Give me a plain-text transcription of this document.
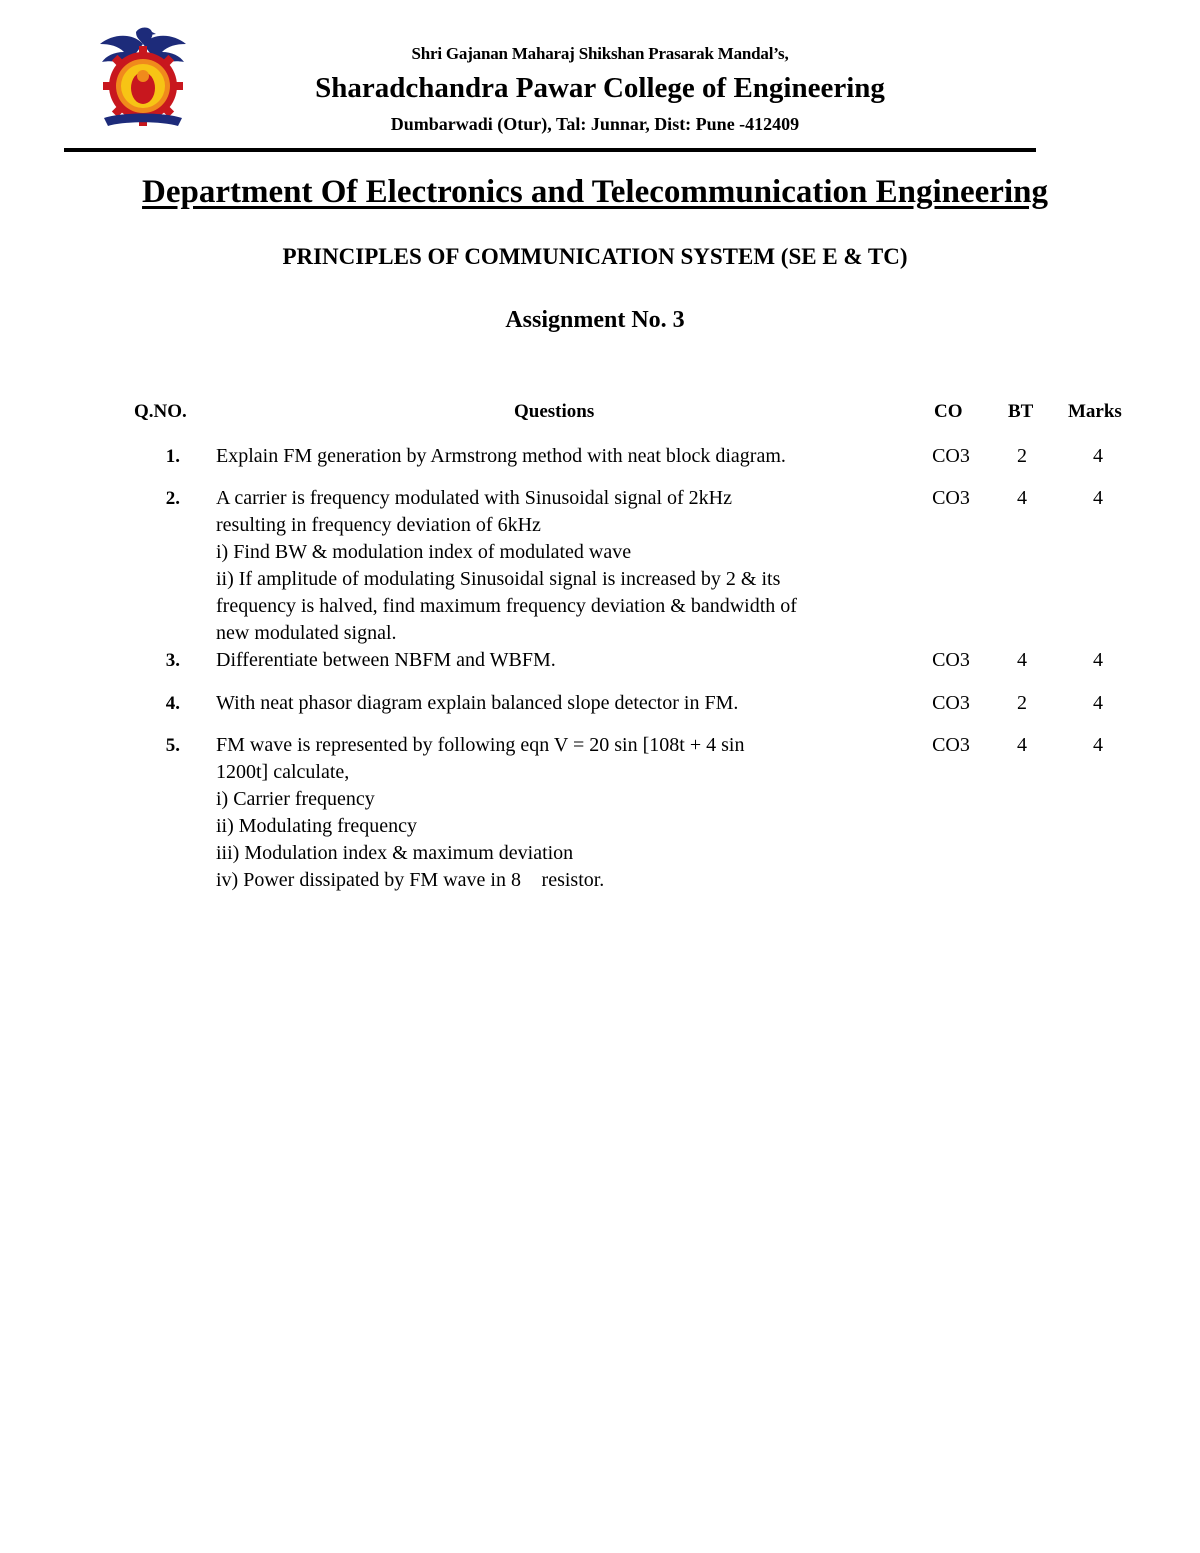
Shri Gajanan Maharaj Shikshan Prasarak Mandal’s,
Sharadchandra Pawar College of Engineering
Dumbarwadi (Otur), Tal: Junnar, Dist: Pune -412409
Department Of Electronics and Telecommunication Engineering
PRINCIPLES OF COMMUNICATION SYSTEM (SE E & TC)
Assignment No. 3
Q.NO.	Questions	CO BT Marks
1. Explain FM generation by Armstrong method with neat block diagram.	CO3	2	4
2. A carrier is frequency modulated with Sinusoidal signal of 2kHz
resulting in frequency deviation of 6kHz
i) Find BW & modulation index of modulated wave
ii) If amplitude of modulating Sinusoidal signal is increased by 2 & its
frequency is halved, find maximum frequency deviation & bandwidth of
new modulated signal.
CO3	4	4
3. Differentiate between NBFM and WBFM.	CO3	4	4
4. With neat phasor diagram explain balanced slope detector in FM.	CO3	2	4
5. FM wave is represented by following eqn V = 20 sin [108t + 4 sin
1200t] calculate,
i) Carrier frequency
ii) Modulating frequency
iii) Modulation index & maximum deviation
iv) Power dissipated by FM wave in 8  resistor.
CO3	4	4
